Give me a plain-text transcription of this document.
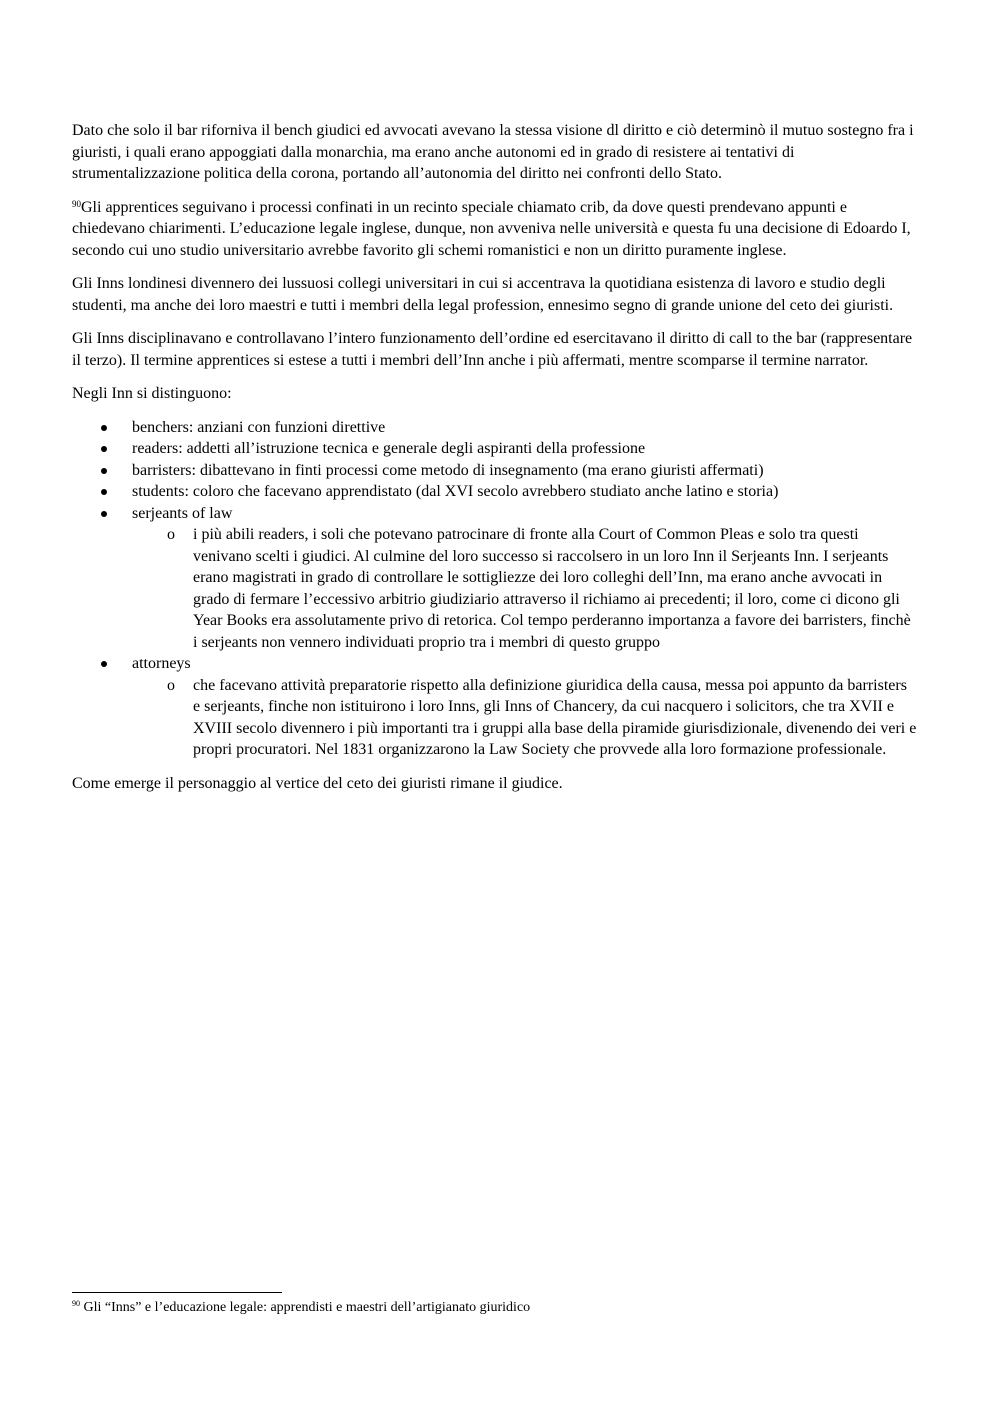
Dato che solo il bar riforniva il bench giudici ed avvocati avevano la stessa visione dl diritto e ciò determinò il mutuo sostegno fra i giuristi, i quali erano appoggiati dalla monarchia, ma erano anche autonomi ed in grado di resistere ai tentativi di strumentalizzazione politica della corona, portando all’autonomia del diritto nei confronti dello Stato.

$^{90}$Gli apprentices seguivano i processi confinati in un recinto speciale chiamato crib, da dove questi prendevano appunti e chiedevano chiarimenti. L’educazione legale inglese, dunque, non avveniva nelle università e questa fu una decisione di Edoardo I, secondo cui uno studio universitario avrebbe favorito gli schemi romanistici e non un diritto puramente inglese.

Gli Inns londinesi divennero dei lussuosi collegi universitari in cui si accentrava la quotidiana esistenza di lavoro e studio degli studenti, ma anche dei loro maestri e tutti i membri della legal profession, ennesimo segno di grande unione del ceto dei giuristi.

Gli Inns disciplinavano e controllavano l’intero funzionamento dell’ordine ed esercitavano il diritto di call to the bar (rappresentare il terzo). Il termine apprentices si estese a tutti i membri dell’Inn anche i più affermati, mentre scomparse il termine narrator.

Negli Inn si distinguono:

benchers: anziani con funzioni direttive
readers: addetti all’istruzione tecnica e generale degli aspiranti della professione
barristers: dibattevano in finti processi come metodo di insegnamento (ma erano giuristi affermati)
students: coloro che facevano apprendistato (dal XVI secolo avrebbero studiato anche latino e storia)
serjeants of law
o i più abili readers, i soli che potevano patrocinare di fronte alla Court of Common Pleas e solo tra questi venivano scelti i giudici. Al culmine del loro successo si raccolsero in un loro Inn il Serjeants Inn. I serjeants erano magistrati in grado di controllare le sottigliezze dei loro colleghi dell’Inn, ma erano anche avvocati in grado di fermare l’eccessivo arbitrio giudiziario attraverso il richiamo ai precedenti; il loro, come ci dicono gli Year Books era assolutamente privo di retorica. Col tempo perderanno importanza a favore dei barristers, finchè i serjeants non vennero individuati proprio tra i membri di questo gruppo
attorneys
o che facevano attività preparatorie rispetto alla definizione giuridica della causa, messa poi appunto da barristers e serjeants, finche non istituirono i loro Inns, gli Inns of Chancery, da cui nacquero i solicitors, che tra XVII e XVIII secolo divennero i più importanti tra i gruppi alla base della piramide giurisdizionale, divenendo dei veri e propri procuratori. Nel 1831 organizzarono la Law Society che provvede alla loro formazione professionale.

Come emerge il personaggio al vertice del ceto dei giuristi rimane il giudice.

$^{90}$ Gli “Inns” e l’educazione legale: apprendisti e maestri dell’artigianato giuridico
